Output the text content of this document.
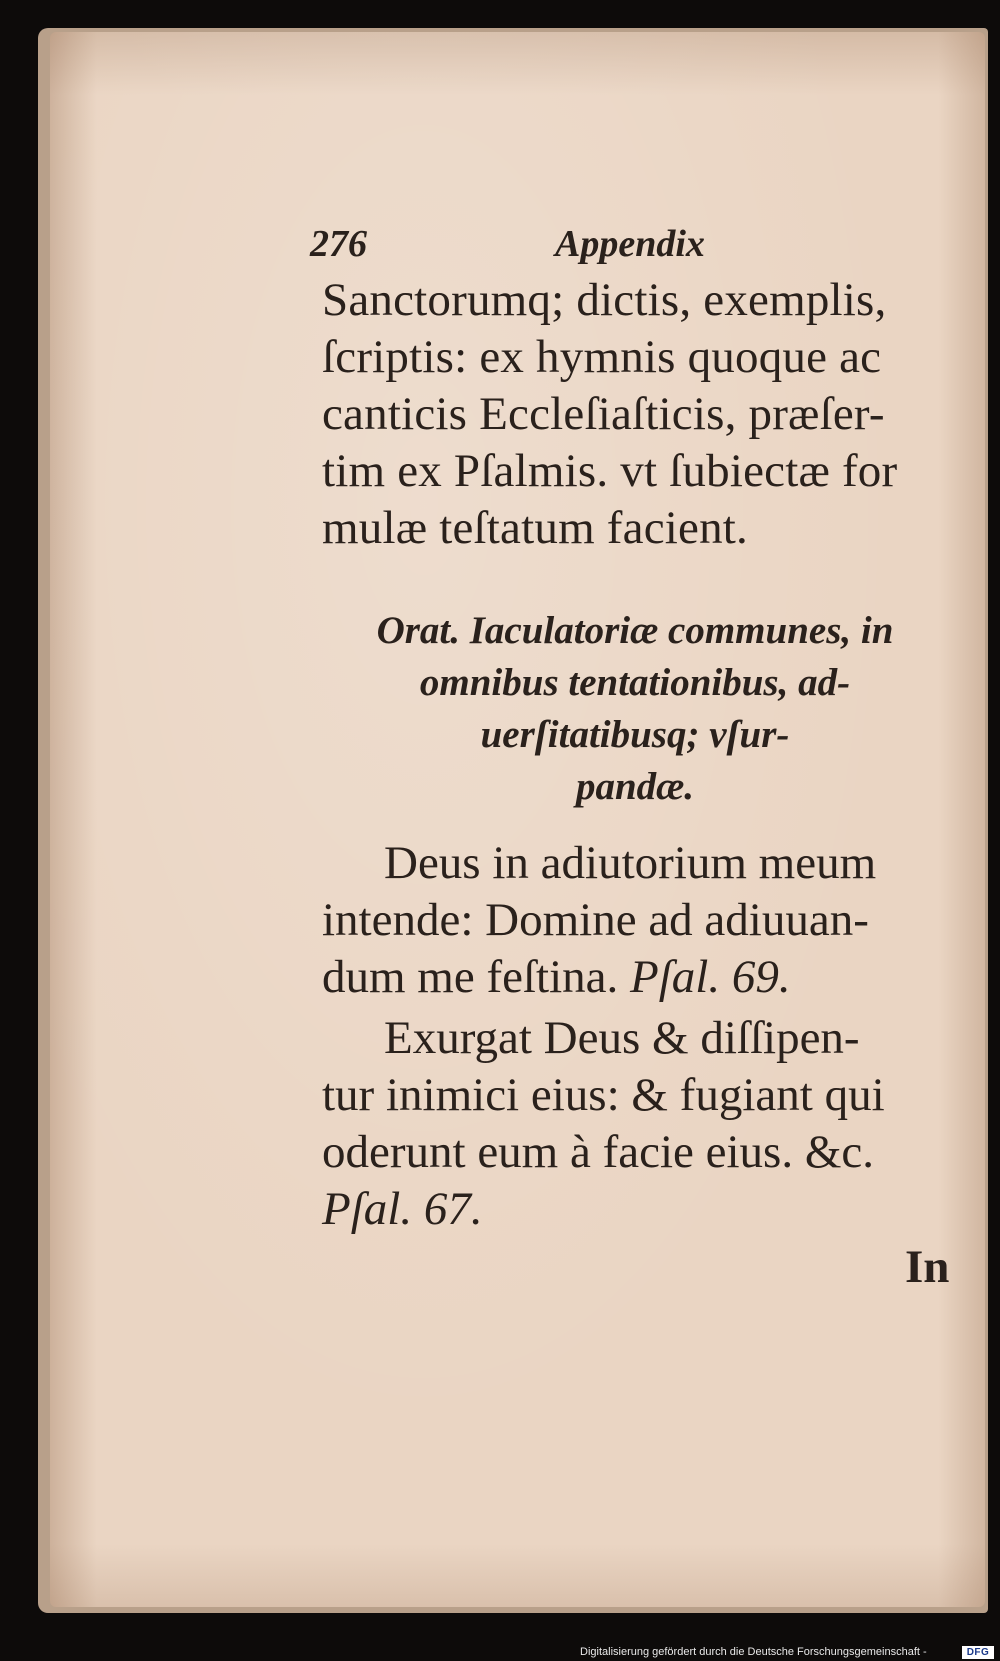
276	Appendix
Sanctorumq; dictis, exemplis,
ſcriptis: ex hymnis quoque ac
canticis Eccleſiaſticis, præſer-
tim ex Pſalmis. vt ſubiectæ for
mulæ teſtatum facient.
Orat. Iaculatoriæ communes, in
omnibus tentationibus, ad-
uerſitatibusq; vſur-
pandæ.
Deus in adiutorium meum
intende: Domine ad adiuuan-
dum me feſtina. Pſal. 69.
Exurgat Deus & diſſipen-
tur inimici eius: & fugiant qui
oderunt eum à facie eius. &c.
Pſal. 67.
In
Digitalisierung gefördert durch die Deutsche Forschungsgemeinschaft -	DFG
